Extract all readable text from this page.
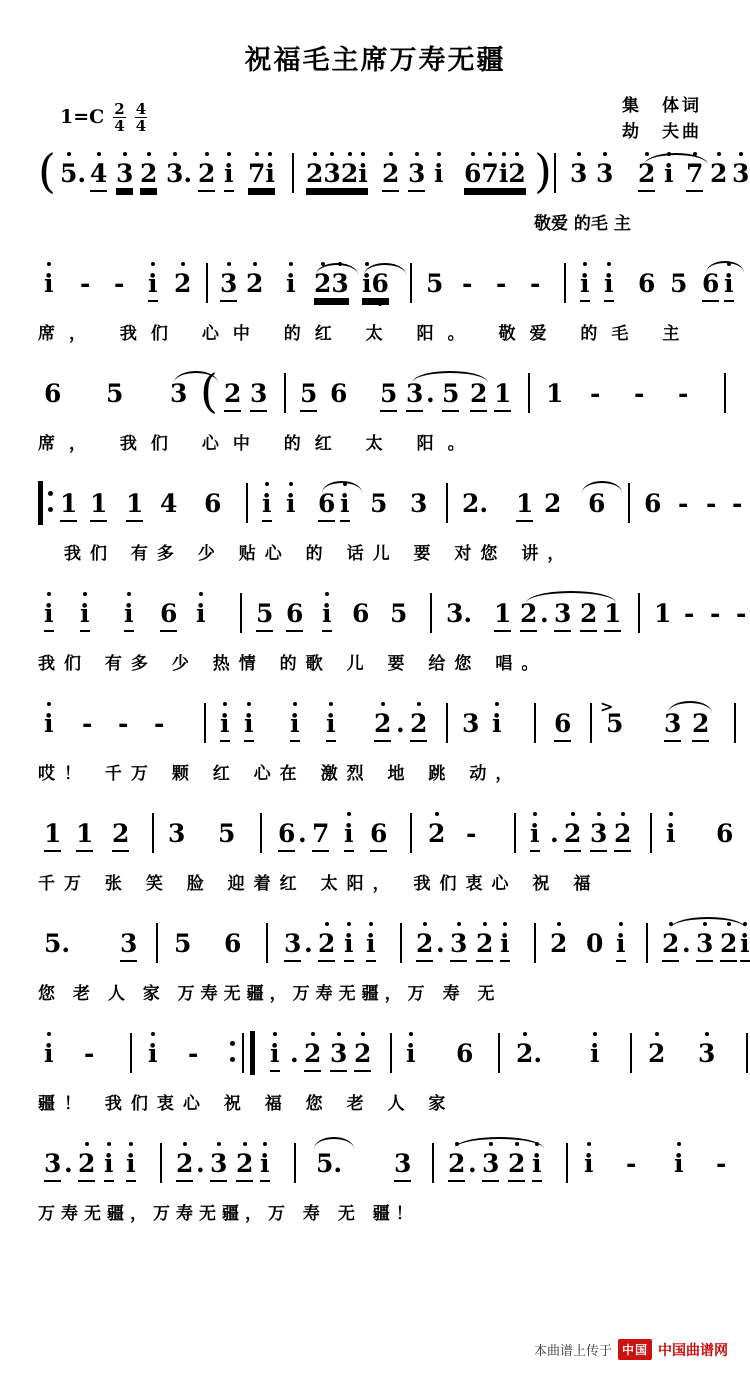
祝福毛主席万寿无疆
$1=C \frac{2}{4} \frac{4}{4}$	集　体词
劫　夫曲
( 5. 4 3 2 3. 2 i 7i 232i 2 3 i 67i2 ) 3 3 2 i 7 2 3
敬爱 的毛 主
i - - i 2 3 2 i 23 i6 5 - - - i i 6 5 6 i
席， 我们 心中 的红 太 阳。 敬爱 的毛 主
6 5 3 ( 2 3 5 6 5 3 . 5 2 1 1 - - -
席， 我们 心中 的红 太 阳。
1 1 1 4 6 i i 6 i 5 3 2. 1 2 6 6 - - -
我们 有多 少 贴心 的 话儿 要 对您 讲，
i i i 6 i 5 6 i 6 5 3. 1 2 . 3 2 1 1 - - -
我们 有多 少 热情 的歌 儿 要 给您 唱。
i - - - i i i i 2 . 2 3 i 6 5
>
3 2
哎！ 千万 颗 红 心在 激烈 地 跳 动，
1 1 2 3 5 6 . 7 i 6 2 - i . 2 3 2 i 6
千万 张 笑 脸 迎着红 太阳， 我们衷心 祝 福
5. 3 5 6 3 . 2 i i 2 . 3 2 i 2 0 i 2 . 3 2 i
您 老 人 家 万寿无疆，万寿无疆，万 寿 无
i - i -	i . 2 3 2 i 6 2. i 2 3
疆！ 我们衷心 祝 福 您 老 人 家
3 . 2 i i 2 . 3 2 i 5. 3 2 . 3 2 i i - i -
万寿无疆，万寿无疆，万 寿 无 疆！
本曲谱上传于 中国 中国曲谱网
